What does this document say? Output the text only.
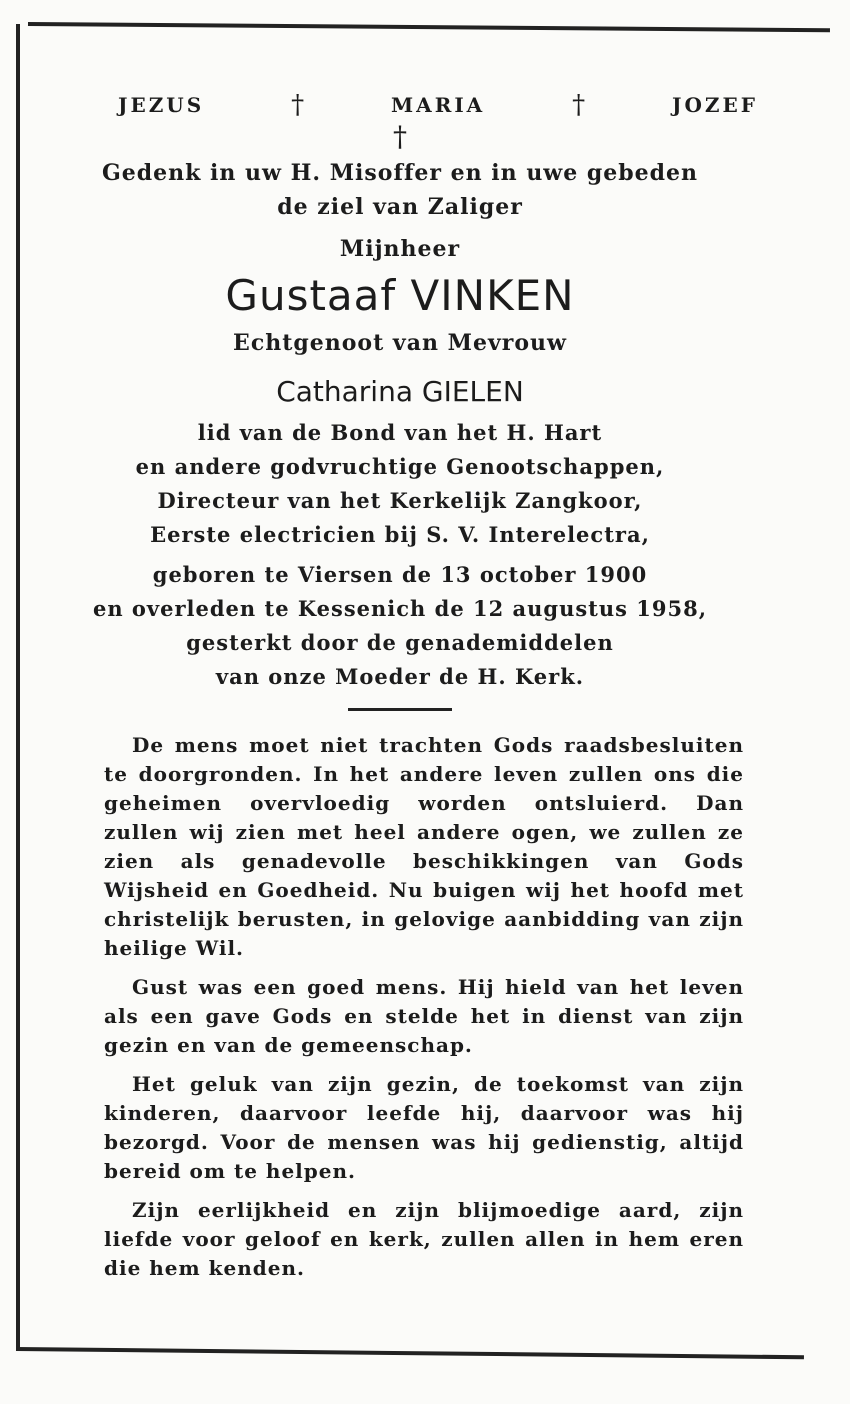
JEZUS	†	MARIA	†	JOZEF
†
Gedenk in uw H. Misoffer en in uwe gebeden
de ziel van Zaliger
Mijnheer
Gustaaf VINKEN
Echtgenoot van Mevrouw
Catharina GIELEN
lid van de Bond van het H. Hart
en andere godvruchtige Genootschappen,
Directeur van het Kerkelijk Zangkoor,
Eerste electricien bij S. V. Interelectra,
geboren te Viersen de 13 october 1900
en overleden te Kessenich de 12 augustus 1958,
gesterkt door de genademiddelen
van onze Moeder de H. Kerk.

De mens moet niet trachten Gods raadsbesluiten te doorgronden. In het andere leven zullen ons die geheimen overvloedig worden ontsluierd. Dan zullen wij zien met heel andere ogen, we zullen ze zien als genadevolle beschikkingen van Gods Wijsheid en Goedheid. Nu buigen wij het hoofd met christelijk berusten, in gelovige aanbidding van zijn heilige Wil.

Gust was een goed mens. Hij hield van het leven als een gave Gods en stelde het in dienst van zijn gezin en van de gemeenschap.

Het geluk van zijn gezin, de toekomst van zijn kinderen, daarvoor leefde hij, daarvoor was hij bezorgd. Voor de mensen was hij gedienstig, altijd bereid om te helpen.

Zijn eerlijkheid en zijn blijmoedige aard, zijn liefde voor geloof en kerk, zullen allen in hem eren die hem kenden.
